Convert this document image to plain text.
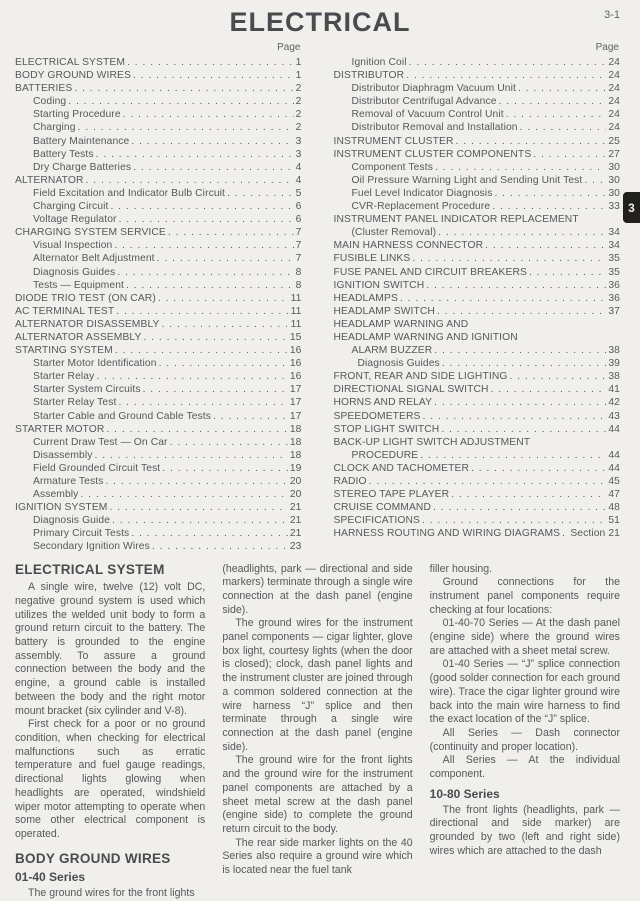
3-1
ELECTRICAL
3
Page
ELECTRICAL SYSTEM . . .	1
BODY GROUND WIRES . . .	1
BATTERIES . . .	2
Coding . . .	2
Starting Procedure . . .	2
Charging . . .	2
Battery Maintenance . . .	3
Battery Tests . . .	3
Dry Charge Batteries . . .	4
ALTERNATOR . . .	4
Field Excitation and Indicator Bulb Circuit . . .	5
Charging Circuit . . .	6
Voltage Regulator . . .	6
CHARGING SYSTEM SERVICE . . .	7
Visual Inspection . . .	7
Alternator Belt Adjustment . . .	7
Diagnosis Guides . . .	8
Tests — Equipment . . .	8
DIODE TRIO TEST (ON CAR) . . .	11
AC TERMINAL TEST . . .	11
ALTERNATOR DISASSEMBLY . . .	11
ALTERNATOR ASSEMBLY . . .	15
STARTING SYSTEM . . .	16
Starter Motor Identification . . .	16
Starter Relay . . .	16
Starter System Circuits . . .	17
Starter Relay Test . . .	17
Starter Cable and Ground Cable Tests . . .	17
STARTER MOTOR . . .	18
Current Draw Test — On Car . . .	18
Disassembly . . .	18
Field Grounded Circuit Test . . .	19
Armature Tests . . .	20
Assembly . . .	20
IGNITION SYSTEM . . .	21
Diagnosis Guide . . .	21
Primary Circuit Tests . . .	21
Secondary Ignition Wires . . .	23
Page
Ignition Coil . . .	24
DISTRIBUTOR . . .	24
Distributor Diaphragm Vacuum Unit . . .	24
Distributor Centrifugal Advance . . .	24
Removal of Vacuum Control Unit . . .	24
Distributor Removal and Installation . . .	24
INSTRUMENT CLUSTER . . .	25
INSTRUMENT CLUSTER COMPONENTS . . .	27
Component Tests . . .	30
Oil Pressure Warning Light and Sending Unit Test . . .	30
Fuel Level Indicator Diagnosis . . .	30
CVR-Replacement Procedure . . .	33
INSTRUMENT PANEL INDICATOR REPLACEMENT
(Cluster Removal) . . .	34
MAIN HARNESS CONNECTOR . . .	34
FUSIBLE LINKS . . .	35
FUSE PANEL AND CIRCUIT BREAKERS . . .	35
IGNITION SWITCH . . .	36
HEADLAMPS . . .	36
HEADLAMP SWITCH . . .	37
HEADLAMP WARNING AND
HEADLAMP WARNING AND IGNITION
ALARM BUZZER . . .	38
Diagnosis Guides . . .	39
FRONT, REAR AND SIDE LIGHTING . . .	38
DIRECTIONAL SIGNAL SWITCH . . .	41
HORNS AND RELAY . . .	42
SPEEDOMETERS . . .	43
STOP LIGHT SWITCH . . .	44
BACK-UP LIGHT SWITCH ADJUSTMENT
PROCEDURE . . .	44
CLOCK AND TACHOMETER . . .	44
RADIO . . .	45
STEREO TAPE PLAYER . . .	47
CRUISE COMMAND . . .	48
SPECIFICATIONS . . .	51
HARNESS ROUTING AND WIRING DIAGRAMS . . . Section 21
ELECTRICAL SYSTEM

A single wire, twelve (12) volt DC, negative ground system is used which utilizes the welded unit body to form a ground return circuit to the battery. The battery is grounded to the engine assembly. To assure a ground connection between the body and the engine, a ground cable is installed between the body and the right motor mount bracket (six cylinder and V-8).

First check for a poor or no ground condition, when checking for electrical malfunctions such as erratic temperature and fuel gauge readings, directional lights glowing when headlights are operated, windshield wiper motor attempting to operate when some other electrical component is operated.

BODY GROUND WIRES
01-40 Series

The ground wires for the front lights

(headlights, park — directional and side markers) terminate through a single wire connection at the dash panel (engine side).

The ground wires for the instrument panel components — cigar lighter, glove box light, courtesy lights (when the door is closed); clock, dash panel lights and the instrument cluster are joined through a common soldered connection at the wire harness “J” splice and then terminate through a single wire connection at the dash panel (engine side).

The ground wire for the front lights and the ground wire for the instrument panel components are attached by a sheet metal screw at the dash panel (engine side) to complete the ground return circuit to the body.

The rear side marker lights on the 40 Series also require a ground wire which is located near the fuel tank

filler housing.

Ground connections for the instrument panel components require checking at four locations:

01-40-70 Series — At the dash panel (engine side) where the ground wires are attached with a sheet metal screw.

01-40 Series — “J” splice connection (good solder connection for each ground wire). Trace the cigar lighter ground wire back into the main wire harness to find the exact location of the “J” splice.

All Series — Dash connector (continuity and proper location).

All Series — At the individual component.

10-80 Series

The front lights (headlights, park — directional and side marker) are grounded by two (left and right side) wires which are attached to the dash
